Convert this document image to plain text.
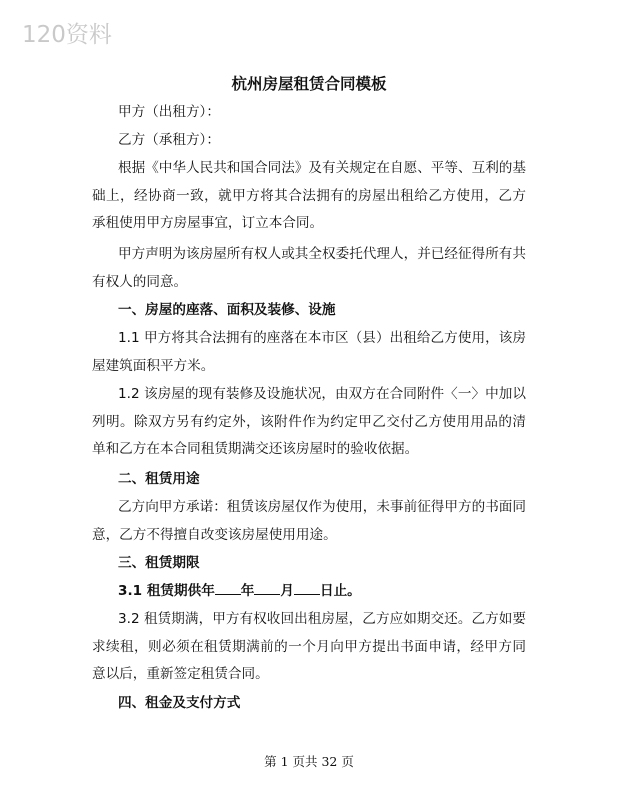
120资料
杭州房屋租赁合同模板
甲方（出租方）：
乙方（承租方）：
根据《中华人民共和国合同法》及有关规定在自愿、平等、互利的基础上，经协商一致，就甲方将其合法拥有的房屋出租给乙方使用，乙方承租使用甲方房屋事宜，订立本合同。
甲方声明为该房屋所有权人或其全权委托代理人，并已经征得所有共有权人的同意。
一、房屋的座落、面积及装修、设施
1.1 甲方将其合法拥有的座落在本市区（县）出租给乙方使用，该房屋建筑面积平方米。
1.2 该房屋的现有装修及设施状况，由双方在合同附件〈一〉中加以列明。除双方另有约定外，该附件作为约定甲乙交付乙方使用用品的清单和乙方在本合同租赁期满交还该房屋时的验收依据。
二、租赁用途
乙方向甲方承诺：租赁该房屋仅作为使用，未事前征得甲方的书面同意，乙方不得擅自改变该房屋使用用途。
三、租赁期限
3.1 租赁期供年 年 月 日止。
3.2 租赁期满，甲方有权收回出租房屋，乙方应如期交还。乙方如要求续租，则必须在租赁期满前的一个月向甲方提出书面申请，经甲方同意以后，重新签定租赁合同。
四、租金及支付方式
第 1 页共 32 页
